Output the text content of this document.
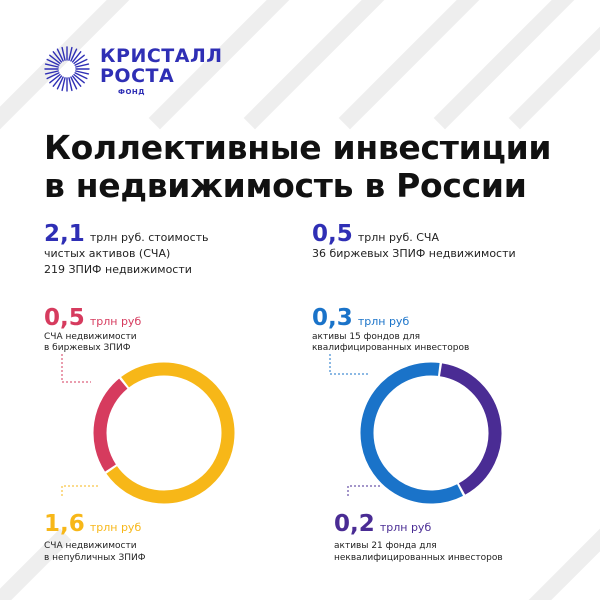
КРИСТАЛЛ
РОСТА
ФОНД
Коллективные инвестиции
в недвижимость в России
2,1 трлн руб. стоимость
чистых активов (СЧА)
219 ЗПИФ недвижимости
0,5 трлн руб. СЧА
36 биржевых ЗПИФ недвижимости
0,5 трлн руб
СЧА недвижимости
в биржевых ЗПИФ
1,6 трлн руб
СЧА недвижимости
в непубличных ЗПИФ
0,3 трлн руб
активы 15 фондов для
квалифицированных инвесторов
0,2 трлн руб
активы 21 фонда для
неквалифицированных инвесторов
